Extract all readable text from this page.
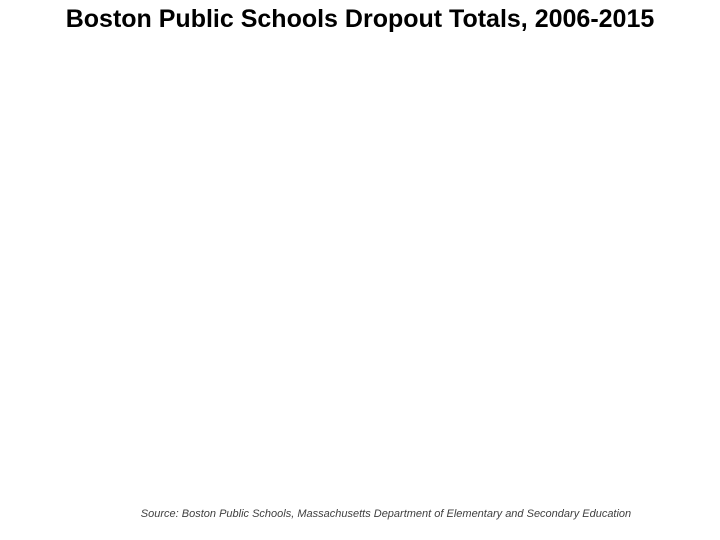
Boston Public Schools Dropout Totals, 2006-2015
Source: Boston Public Schools, Massachusetts Department of Elementary and Secondary Education
